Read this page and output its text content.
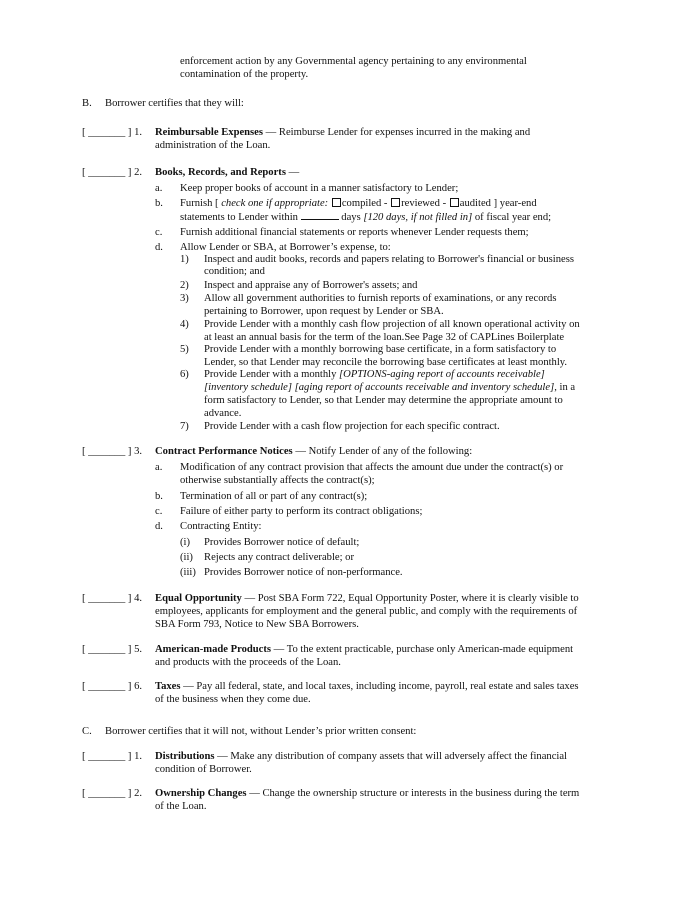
enforcement action by any Governmental agency pertaining to any environmental
contamination of the property.
B. Borrower certifies that they will:
[ _______ ] 1. Reimbursable Expenses — Reimburse Lender for expenses incurred in the making and
administration of the Loan.
[ _______ ] 2. Books, Records, and Reports —
a. Keep proper books of account in a manner satisfactory to Lender;
b. Furnish [ check one if appropriate: compiled - reviewed - audited ] year-end
statements to Lender within	days [120 days, if not filled in] of fiscal year end;
c. Furnish additional financial statements or reports whenever Lender requests them;
d. Allow Lender or SBA, at Borrower’s expense, to:
1) Inspect and audit books, records and papers relating to Borrower's financial or business
condition; and
2) Inspect and appraise any of Borrower's assets; and
3) Allow all government authorities to furnish reports of examinations, or any records
pertaining to Borrower, upon request by Lender or SBA.
4) Provide Lender with a monthly cash flow projection of all known operational activity on
at least an annual basis for the term of the loan.See Page 32 of CAPLines Boilerplate
5) Provide Lender with a monthly borrowing base certificate, in a form satisfactory to
Lender, so that Lender may reconcile the borrowing base certificates at least monthly.
6) Provide Lender with a monthly [OPTIONS-aging report of accounts receivable]
[inventory schedule] [aging report of accounts receivable and inventory schedule], in a
form satisfactory to Lender, so that Lender may determine the appropriate amount to
advance.
7) Provide Lender with a cash flow projection for each specific contract.
[ _______ ] 3. Contract Performance Notices — Notify Lender of any of the following:
a. Modification of any contract provision that affects the amount due under the contract(s) or
otherwise substantially affects the contract(s);
b. Termination of all or part of any contract(s);
c. Failure of either party to perform its contract obligations;
d. Contracting Entity:
(i) Provides Borrower notice of default;
(ii) Rejects any contract deliverable; or
(iii) Provides Borrower notice of non-performance.
[ _______ ] 4. Equal Opportunity — Post SBA Form 722, Equal Opportunity Poster, where it is clearly visible to
employees, applicants for employment and the general public, and comply with the requirements of
SBA Form 793, Notice to New SBA Borrowers.
[ _______ ] 5. American-made Products — To the extent practicable, purchase only American-made equipment
and products with the proceeds of the Loan.
[ _______ ] 6. Taxes — Pay all federal, state, and local taxes, including income, payroll, real estate and sales taxes
of the business when they come due.
C. Borrower certifies that it will not, without Lender’s prior written consent:
[ _______ ] 1. Distributions — Make any distribution of company assets that will adversely affect the financial
condition of Borrower.
[ _______ ] 2. Ownership Changes — Change the ownership structure or interests in the business during the term
of the Loan.
